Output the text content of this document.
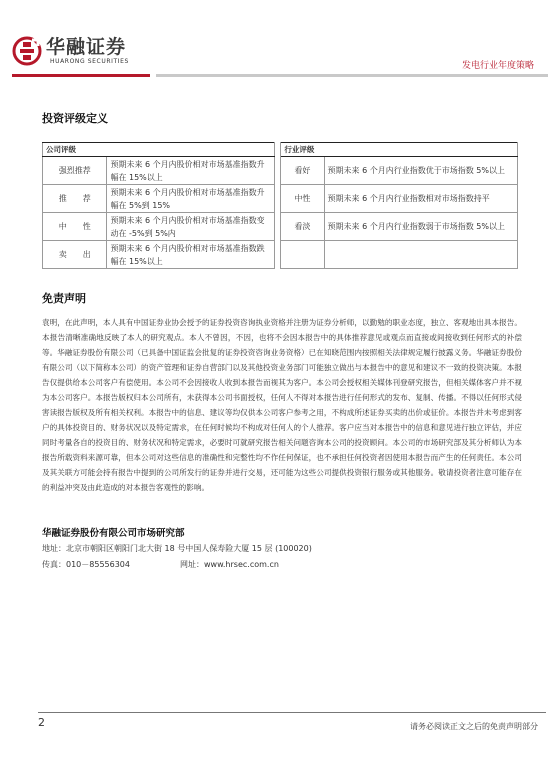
华融证券
HUARONG SECURITIES	发电行业年度策略
投资评级定义
公司评级			行业评级	
强烈推荐	预期未来 6 个月内股价相对市场基准指数升幅在 15%以上		看好	预期未来 6 个月内行业指数优于市场指数 5%以上
推　　荐	预期未来 6 个月内股价相对市场基准指数升幅在 5%到 15%		中性	预期未来 6 个月内行业指数相对市场指数持平
中　　性	预期未来 6 个月内股价相对市场基准指数变动在 -5%到 5%内		看淡	预期未来 6 个月内行业指数弱于市场指数 5%以上
卖　　出	预期未来 6 个月内股价相对市场基准指数跌幅在 15%以上			
免责声明
袁明，在此声明，本人具有中国证券业协会授予的证券投资咨询执业资格并注册为证券分析师，以勤勉的职业态度，独立、客观地出具本报告。本报告清晰准确地反映了本人的研究观点。本人不曾因，不因，也将不会因本报告中的具体推荐意见或观点而直接或间接收到任何形式的补偿等。华融证券股份有限公司（已具备中国证监会批复的证券投资咨询业务资格）已在知晓范围内按照相关法律规定履行披露义务。华融证券股份有限公司（以下简称本公司）的资产管理和证券自营部门以及其他投资业务部门可能独立做出与本报告中的意见和建议不一致的投资决策。本报告仅提供给本公司客户有偿使用。本公司不会因接收人收到本报告而视其为客户。本公司会授权相关媒体刊登研究报告，但相关媒体客户并不视为本公司客户。本报告版权归本公司所有，未获得本公司书面授权，任何人不得对本报告进行任何形式的发布、复制、传播。不得以任何形式侵害读报告版权及所有相关权利。本报告中的信息、建议等均仅供本公司客户参考之用，不构成所述证券买卖的出价或征价。本报告并未考虑到客户的具体投资目的、财务状况以及特定需求，在任何时候均不构成对任何人的个人推荐。客户应当对本报告中的信息和意见进行独立评估，并应同时考量各自的投资目的、财务状况和特定需求，必要时可就研究报告相关问题咨询本公司的投资顾问。本公司的市场研究部及其分析师认为本报告所载资料来源可靠，但本公司对这些信息的准确性和完整性均不作任何保证，也不承担任何投资者因使用本报告而产生的任何责任。本公司及其关联方可能会持有报告中提到的公司所发行的证券并进行交易，还可能为这些公司提供投资银行服务或其他服务。敬请投资者注意可能存在的利益冲突及由此造成的对本报告客观性的影响。
华融证券股份有限公司市场研究部
地址：北京市朝阳区朝阳门北大街 18 号中国人保寿险大厦 15 层 (100020)
传真：010－85556304	网址：www.hrsec.com.cn
2	请务必阅读正文之后的免责声明部分
